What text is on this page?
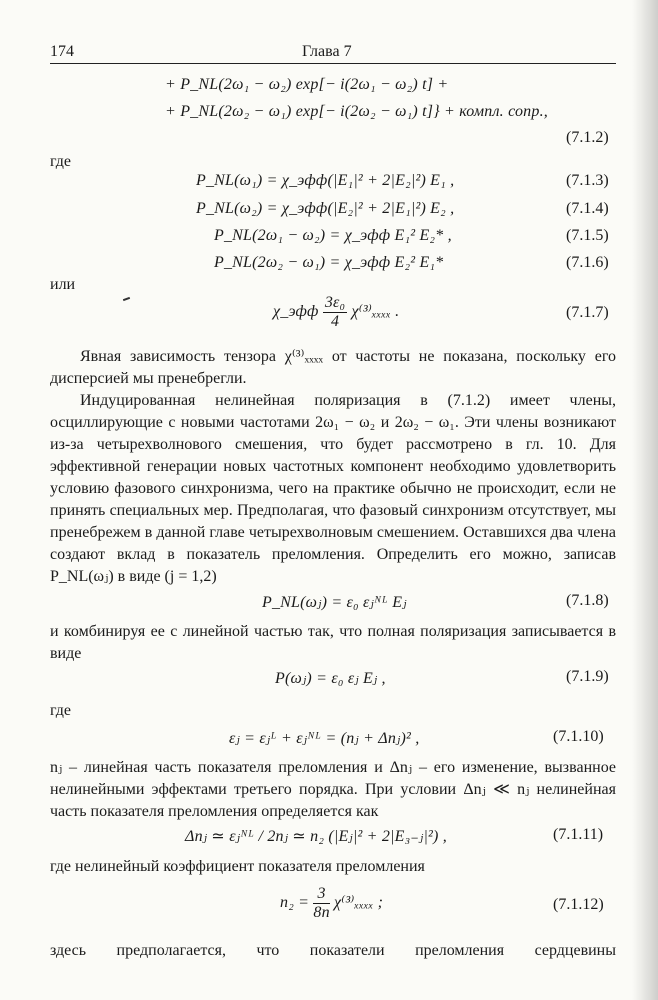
174	Глава 7
+ P_NL(2ω₁ − ω₂) exp[− i(2ω₁ − ω₂) t] +
+ P_NL(2ω₂ − ω₁) exp[− i(2ω₂ − ω₁) t]} + компл. сопр.,
(7.1.2)
где
P_NL(ω₁) = χ_эфф(|E₁|² + 2|E₂|²) E₁ ,	(7.1.3)
P_NL(ω₂) = χ_эфф(|E₂|² + 2|E₁|²) E₂ ,	(7.1.4)
P_NL(2ω₁ − ω₂) = χ_эфф E₁² E₂* ,	(7.1.5)
P_NL(2ω₂ − ω₁) = χ_эфф E₂² E₁*	(7.1.6)
или
χ_эфф $\frac{\text{3ε₀}}{4} \chi^{(3)}_{xxxx}$ .	(7.1.7)
Явная зависимость тензора χ⁽³⁾ₓₓₓₓ от частоты не показана, поскольку его дисперсией мы пренебрегли.
Индуцированная нелинейная поляризация в (7.1.2) имеет члены, осциллирующие с новыми частотами 2ω₁ − ω₂ и 2ω₂ − ω₁. Эти члены возникают из-за четырехволнового смешения, что будет рассмотрено в гл. 10. Для эффективной генерации новых частотных компонент необходимо удовлетворить условию фазового синхронизма, чего на практике обычно не происходит, если не принять специальных мер. Предполагая, что фазовый синхронизм отсутствует, мы пренебрежем в данной главе четырехволновым смешением. Оставшихся два члена создают вклад в показатель преломления. Определить его можно, записав P_NL(ωⱼ) в виде (j = 1,2)
P_NL(ωⱼ) = ε₀ εⱼᴺᴸ Eⱼ	(7.1.8)
и комбинируя ее с линейной частью так, что полная поляризация записывается в виде
P(ωⱼ) = ε₀ εⱼ Eⱼ ,	(7.1.9)
где
εⱼ = εⱼᴸ + εⱼᴺᴸ = (nⱼ + Δnⱼ)² ,	(7.1.10)
nⱼ – линейная часть показателя преломления и Δnⱼ – его изменение, вызванное нелинейными эффектами третьего порядка. При условии Δnⱼ ≪ nⱼ нелинейная часть показателя преломления определяется как
Δnⱼ ≃ εⱼᴺᴸ / 2nⱼ ≃ n₂ (|Eⱼ|² + 2|E₃₋ⱼ|²) ,	(7.1.11)
где нелинейный коэффициент показателя преломления
$n_2 = \frac{3}{8n} \chi^{(3)}_{xxxx}$ ;	(7.1.12)
здесь предполагается, что показатели преломления сердцевины
